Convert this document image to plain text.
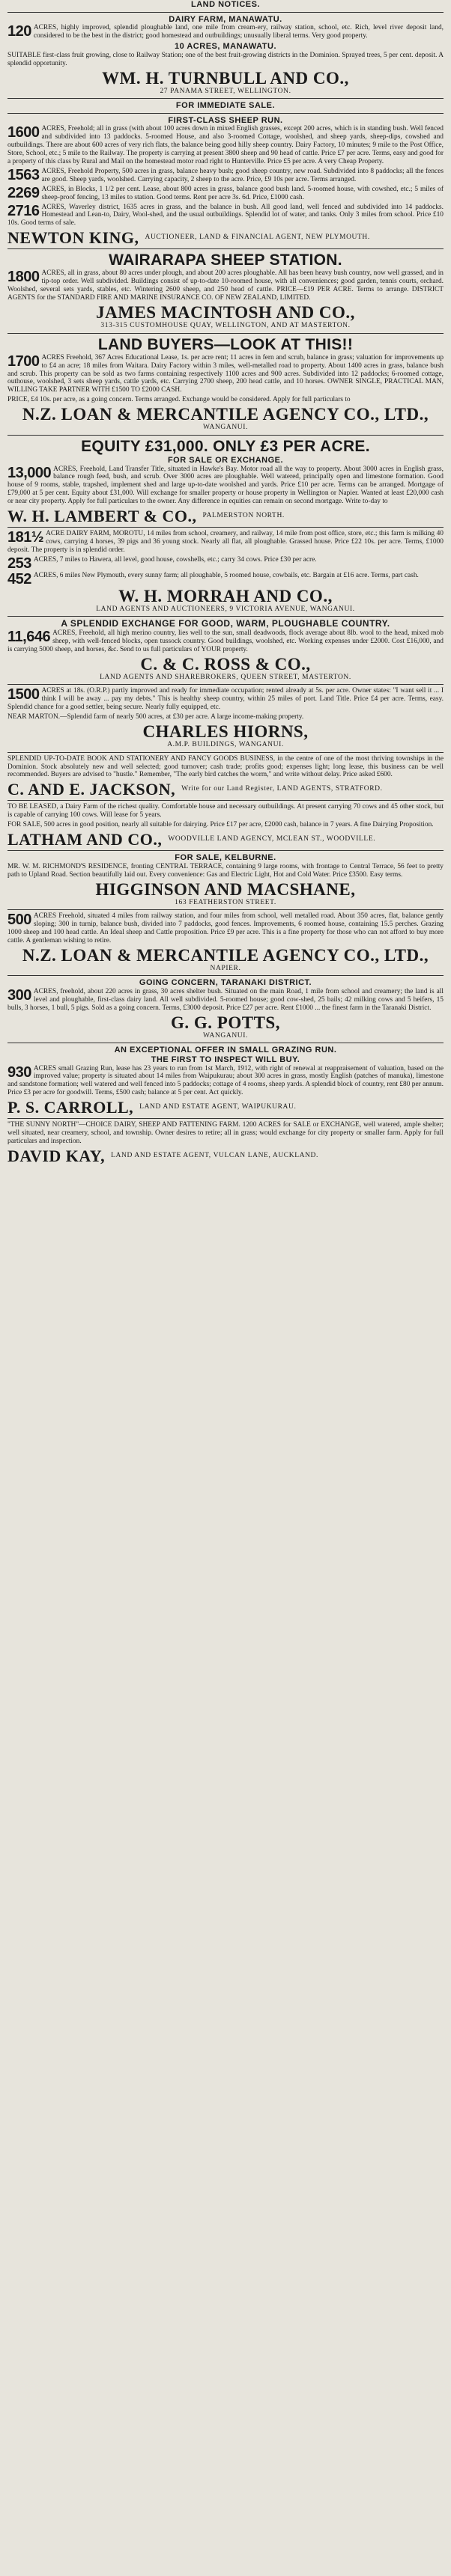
LAND NOTICES.
DAIRY FARM, MANAWATU.
120 ACRES, highly improved, splendid ploughable land, one mile from cream-ery, railway station, school, etc. Rich, level river deposit land, considered to be the best in the district; good homestead and outbuildings; unusually liberal terms. Very good property.
10 ACRES, MANAWATU.
SUITABLE first-class fruit growing, close to Railway Station; one of the best fruit-growing districts in the Dominion. Sprayed trees, 5 per cent. deposit. A splendid opportunity.
WM. H. TURNBULL AND CO.,
27 PANAMA STREET, WELLINGTON.
FOR IMMEDIATE SALE.
FIRST-CLASS SHEEP RUN.
1600 ACRES, Freehold; all in grass (with about 100 acres down in mixed English grasses, except 200 acres, which is in standing bush. Well fenced and subdivided into 13 paddocks. 5-roomed House, and also 3-roomed Cottage, woolshed, and sheep yards, sheep-dips, cowshed and outbuildings. There are about 600 acres of very rich flats, the balance being good hilly sheep country. Dairy Factory, 10 minutes; 9 mile to the Post Office, Store, School, etc.; 5 mile to the Railway. The property is carrying at present 3800 sheep and 90 head of cattle. Price £7 per acre. Terms, easy and good for a property of this class by Rural and Mail on the homestead motor road right to Hunterville. Price £5 per acre. A very Cheap Property.
1563 ACRES, Freehold Property, 500 acres in grass, balance heavy bush; good sheep country, new road. Subdivided into 8 paddocks; all the fences are good. Sheep yards, woolshed. Carrying capacity, 2 sheep to the acre. Price, £9 10s per acre. Terms arranged.
2269 ACRES, in Blocks, 1 1/2 per cent. Lease, about 800 acres in grass, balance good bush land. 5-roomed house, with cowshed, etc.; 5 miles of sheep-proof fencing, 13 miles to station. Good terms. Rent per acre 3s. 6d. Price, £1000 cash.
2716 ACRES, Waverley district, 1635 acres in grass, and the balance in bush. All good land, well fenced and subdivided into 14 paddocks. Homestead and Lean-to, Dairy, Wool-shed, and the usual outbuildings. Splendid lot of water, and tanks. Only 3 miles from school. Price £10 10s. Good terms of sale.
NEWTON KING, AUCTIONEER, LAND & FINANCIAL AGENT, NEW PLYMOUTH.
WAIRARAPA SHEEP STATION.
1800 ACRES, all in grass, about 80 acres under plough, and about 200 acres ploughable. All has been heavy bush country, now well grassed, and in tip-top order. Well subdivided. Buildings consist of up-to-date 10-roomed house, with all conveniences; good garden, tennis courts, orchard. Woolshed, several sets yards, stables, etc. Wintering 2600 sheep, and 250 head of cattle. PRICE—£19 PER ACRE. Terms to arrange. DISTRICT AGENTS for the STANDARD FIRE AND MARINE INSURANCE CO. OF NEW ZEALAND, LIMITED.
JAMES MACINTOSH AND CO.,
313-315 CUSTOMHOUSE QUAY, WELLINGTON, AND AT MASTERTON.
LAND BUYERS—LOOK AT THIS!!
1700 ACRES Freehold, 367 Acres Educational Lease, 1s. per acre rent; 11 acres in fern and scrub, balance in grass; valuation for improvements up to £4 an acre; 18 miles from Waitara. Dairy Factory within 3 miles, well-metalled road to property. About 1400 acres in grass, balance bush and scrub. This property can be sold as two farms containing respectively 1100 acres and 900 acres. Subdivided into 12 paddocks; 6-roomed cottage, outhouse, woolshed, 3 sets sheep yards, cattle yards, etc. Carrying 2700 sheep, 200 head cattle, and 10 horses. OWNER SINGLE, PRACTICAL MAN, WILLING TAKE PARTNER WITH £1500 TO £2000 CASH.
PRICE, £4 10s. per acre, as a going concern. Terms arranged. Exchange would be considered. Apply for full particulars to
N.Z. LOAN & MERCANTILE AGENCY CO., LTD.,
WANGANUI.
EQUITY £31,000. ONLY £3 PER ACRE.
FOR SALE OR EXCHANGE.
13,000 ACRES, Freehold, Land Transfer Title, situated in Hawke's Bay. Motor road all the way to property. About 3000 acres in English grass, balance rough feed, bush, and scrub. Over 3000 acres are ploughable. Well watered, principally open and limestone formation. Good house of 9 rooms, stable, trapshed, implement shed and large up-to-date woolshed and yards. Price £10 per acre. Terms can be arranged. Mortgage of £79,000 at 5 per cent. Equity about £31,000. Will exchange for smaller property or house property in Wellington or Napier. Wanted at least £20,000 cash or near city property. Apply for full particulars to the owner. Any difference in equities can remain on second mortgage. Write to-day to
W. H. LAMBERT & CO., PALMERSTON NORTH.
181½ ACRE DAIRY FARM, MOROTU, 14 miles from school, creamery, and railway, 14 mile from post office, store, etc.; this farm is milking 40 cows, carrying 4 horses, 39 pigs and 36 young stock. Nearly all flat, all ploughable. Grassed house. Price £22 10s. per acre. Terms, £1000 deposit. The property is in splendid order.
253 ACRES, 7 miles to Hawera, all level, good house, cowshells, etc.; carry 34 cows. Price £30 per acre.
452 ACRES, 6 miles New Plymouth, every sunny farm; all ploughable, 5 roomed house, cowbails, etc. Bargain at £16 acre. Terms, part cash.
W. H. MORRAH AND CO.,
LAND AGENTS AND AUCTIONEERS, 9 VICTORIA AVENUE, WANGANUI.
A SPLENDID EXCHANGE FOR GOOD, WARM, PLOUGHABLE COUNTRY.
11,646 ACRES, Freehold, all high merino country, lies well to the sun, small deadwoods, flock average about 8lb. wool to the head, mixed mob sheep, with well-fenced blocks, open tussock country. Good buildings, woolshed, etc. Working expenses under £2000. Cost £16,000, and is carrying 5000 sheep, and horses, &c. Send to us full particulars of YOUR property.
C. & C. ROSS & CO.,
LAND AGENTS AND SHAREBROKERS, QUEEN STREET, MASTERTON.
1500 ACRES at 18s. (O.R.P.) partly improved and ready for immediate occupation; rented already at 5s. per acre. Owner states: "I want sell it ... I think I will be away ... pay my debts." This is healthy sheep country, within 25 miles of port. Land Title. Price £4 per acre. Terms, easy. Splendid chance for a good settler, being secure. Nearly fully equipped, etc.
NEAR MARTON.—Splendid farm of nearly 500 acres, at £30 per acre. A large income-making property.
CHARLES HIORNS,
A.M.P. BUILDINGS, WANGANUI.
SPLENDID UP-TO-DATE BOOK AND STATIONERY AND FANCY GOODS BUSINESS, in the centre of one of the most thriving townships in the Dominion. Stock absolutely new and well selected; good turnover; cash trade; profits good; expenses light; long lease, this business can be well recommended. Buyers are advised to "hustle." Remember, "The early bird catches the worm," and write without delay. Price asked £600.
C. AND E. JACKSON, Write for our Land Register, LAND AGENTS, STRATFORD.
TO BE LEASED, a Dairy Farm of the richest quality. Comfortable house and necessary outbuildings. At present carrying 70 cows and 45 other stock, but is capable of carrying 100 cows. Will lease for 5 years.
FOR SALE, 500 acres in good position, nearly all suitable for dairying. Price £17 per acre, £2000 cash, balance in 7 years. A fine Dairying Proposition.
LATHAM AND CO., WOODVILLE LAND AGENCY, MCLEAN ST., WOODVILLE.
FOR SALE, KELBURNE.
MR. W. M. RICHMOND'S RESIDENCE, fronting CENTRAL TERRACE, containing 9 large rooms, with frontage to Central Terrace, 56 feet to pretty path to Upland Road. Section beautifully laid out. Every convenience: Gas and Electric Light, Hot and Cold Water. Price £3500. Easy terms.
HIGGINSON AND MACSHANE,
163 FEATHERSTON STREET.
500 ACRES Freehold, situated 4 miles from railway station, and four miles from school, well metalled road. About 350 acres, flat, balance gently sloping; 300 in turnip, balance bush, divided into 7 paddocks, good fences. Improvements, 6 roomed house, containing 15.5 perches. Grazing 1000 sheep and 100 head cattle. An Ideal sheep and Cattle proposition. Price £9 per acre. This is a fine property for those who can not afford to buy more cattle. A gentleman wishing to retire.
N.Z. LOAN & MERCANTILE AGENCY CO., LTD.,
NAPIER.
GOING CONCERN, TARANAKI DISTRICT.
300 ACRES, freehold, about 220 acres in grass, 30 acres shelter bush. Situated on the main Road, 1 mile from school and creamery; the land is all level and ploughable, first-class dairy land. All well subdivided. 5-roomed house; good cow-shed, 25 bails; 42 milking cows and 5 heifers, 15 bulls, 3 horses, 1 bull, 5 pigs. Sold as a going concern. Terms, £3000 deposit. Price £27 per acre. Rent £1000 ... the finest farm in the Taranaki District.
G. G. POTTS,
WANGANUI.
AN EXCEPTIONAL OFFER IN SMALL GRAZING RUN.
THE FIRST TO INSPECT WILL BUY.
930 ACRES small Grazing Run, lease has 23 years to run from 1st March, 1912, with right of renewal at reappraisement of valuation, based on the improved value; property is situated about 14 miles from Waipukurau; about 300 acres in grass, mostly English (patches of manuka), limestone and sandstone formation; well watered and well fenced into 5 paddocks; cottage of 4 rooms, sheep yards. A splendid block of country, rent £80 per annum. Price £3 per acre for goodwill. Terms, £500 cash; balance at 5 per cent. Act quickly.
P. S. CARROLL, LAND AND ESTATE AGENT, WAIPUKURAU.
"THE SUNNY NORTH"—CHOICE DAIRY, SHEEP AND FATTENING FARM. 1200 ACRES for SALE or EXCHANGE, well watered, ample shelter; well situated, near creamery, school, and township. Owner desires to retire; all in grass; would exchange for city property or smaller farm. Apply for full particulars and inspection.
DAVID KAY, LAND AND ESTATE AGENT, VULCAN LANE, AUCKLAND.
